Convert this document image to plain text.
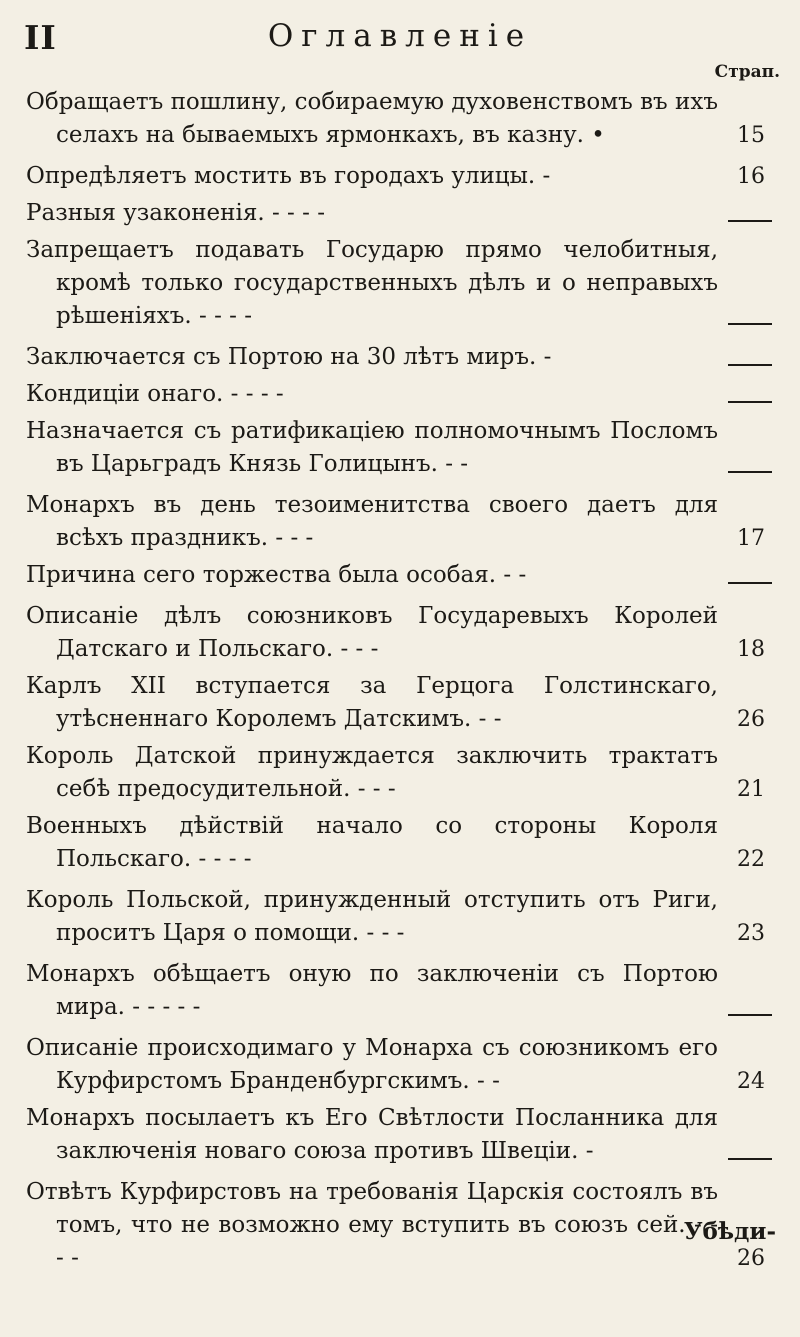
II	Оглавленіе
Страп.
Обращаетъ пошлину, собираемую духовенствомъ въ ихъ селахъ на бываемыхъ ярмонкахъ, въ казну. •	15
Опредѣляетъ мостить въ городахъ улицы. -	16
Разныя узаконенія. - - - -
Запрещаетъ подавать Государю прямо челобитныя, кромѣ только государственныхъ дѣлъ и о неправыхъ рѣшеніяхъ. - - - -
Заключается съ Портою на 30 лѣтъ миръ. -
Кондиціи онаго. - - - -
Назначается съ ратификаціею полномочнымъ Посломъ въ Царьградъ Князь Голицынъ. - -
Монархъ въ день тезоименитства своего даетъ для всѣхъ праздникъ. - - -	17
Причина сего торжества была особая. - -
Описаніе дѣлъ союзниковъ Государевыхъ Королей Датскаго и Польскаго. - - -	18
Карлъ XII вступается за Герцога Голстинскаго, утѣсненнаго Королемъ Датскимъ. - -	26
Король Датской принуждается заключить трактатъ себѣ предосудительной. - - -	21
Военныхъ дѣйствій начало со стороны Короля Польскаго. - - - -	22
Король Польской, принужденный отступить отъ Риги, проситъ Царя о помощи. - - -	23
Монархъ обѣщаетъ оную по заключеніи съ Портою мира. - - - - -
Описаніе происходимаго у Монарха съ союзникомъ его Курфирстомъ Бранденбургскимъ. - -	24
Монархъ посылаетъ къ Его Свѣтлости Посланника для заключенія новаго союза противъ Швеціи. -
Отвѣтъ Курфирстовъ на требованія Царскія состоялъ въ томъ, что не возможно ему вступить въ союзъ сей. - - - -	26
Убѣди-
